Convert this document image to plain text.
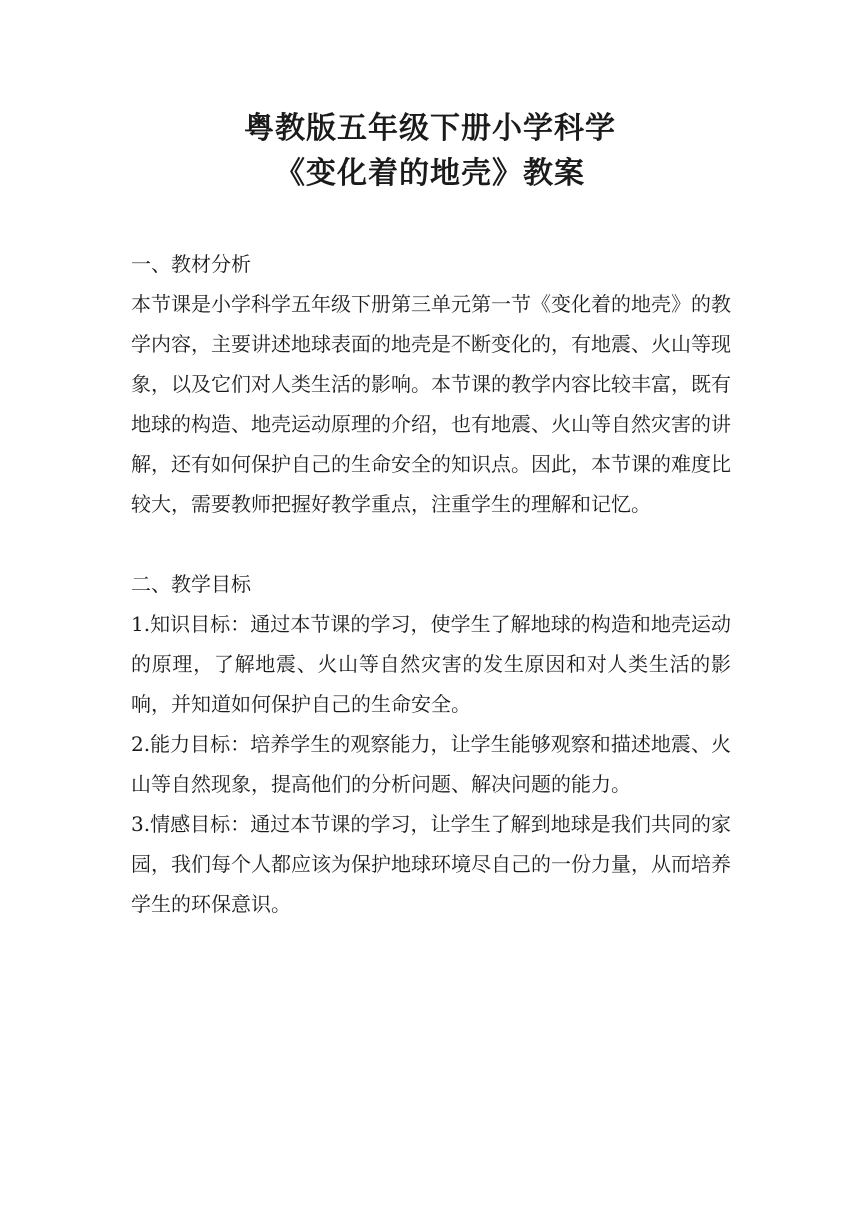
粤教版五年级下册小学科学
《变化着的地壳》教案
一、教材分析

本节课是小学科学五年级下册第三单元第一节《变化着的地壳》的教学内容，主要讲述地球表面的地壳是不断变化的，有地震、火山等现象，以及它们对人类生活的影响。本节课的教学内容比较丰富，既有地球的构造、地壳运动原理的介绍，也有地震、火山等自然灾害的讲解，还有如何保护自己的生命安全的知识点。因此，本节课的难度比较大，需要教师把握好教学重点，注重学生的理解和记忆。

二、教学目标

1.知识目标：通过本节课的学习，使学生了解地球的构造和地壳运动的原理，了解地震、火山等自然灾害的发生原因和对人类生活的影响，并知道如何保护自己的生命安全。

2.能力目标：培养学生的观察能力，让学生能够观察和描述地震、火山等自然现象，提高他们的分析问题、解决问题的能力。

3.情感目标：通过本节课的学习，让学生了解到地球是我们共同的家园，我们每个人都应该为保护地球环境尽自己的一份力量，从而培养学生的环保意识。
